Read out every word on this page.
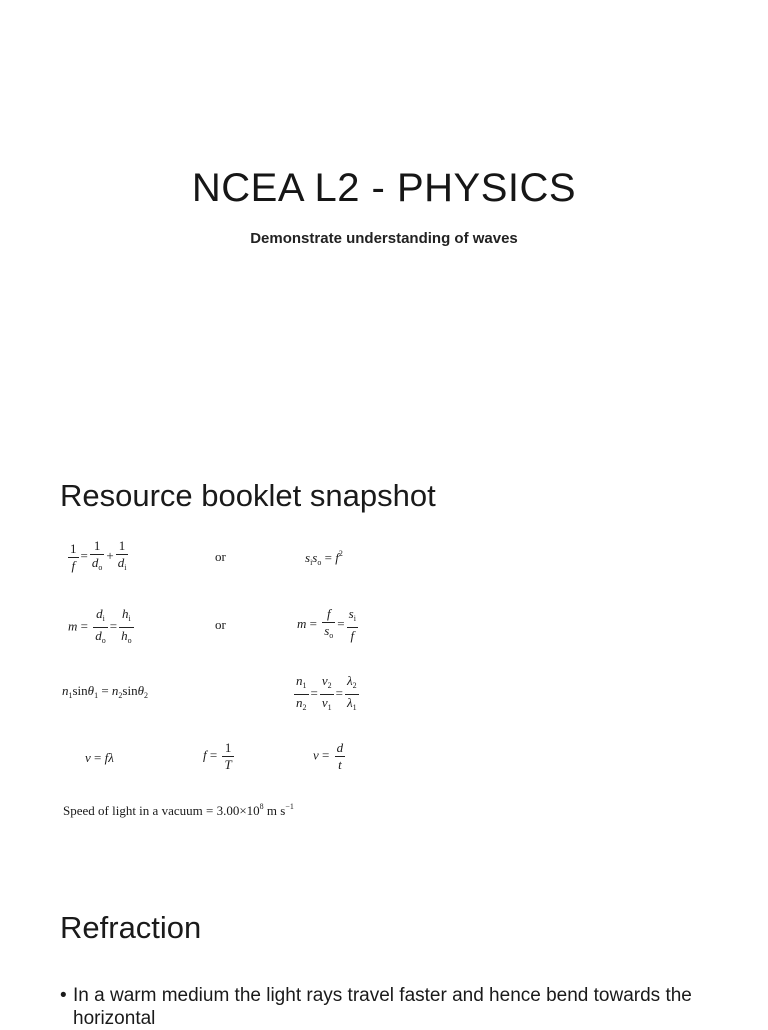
NCEA L2 - PHYSICS
Demonstrate understanding of waves
Resource booklet snapshot
$\frac{1}{f} = \frac{1}{d_o} + \frac{1}{d_i}$	or	$s_is_o = f^2$
$m = \frac{d_i}{d_o} = \frac{h_i}{h_o}$	or	$m = \frac{f}{s_o} = \frac{s_i}{f}$
$n_1\sin\theta_1 = n_2\sin\theta_2$	$\frac{n_1}{n_2} = \frac{v_2}{v_1} = \frac{\lambda_2}{\lambda_1}$
v = fλ	$f = \frac{1}{T}$	$v = \frac{d}{t}$
Speed of light in a vacuum = $3.00\times 10^8$ m $s^{-1}$
Refraction
• In a warm medium the light rays travel faster and hence bend towards the horizontal
